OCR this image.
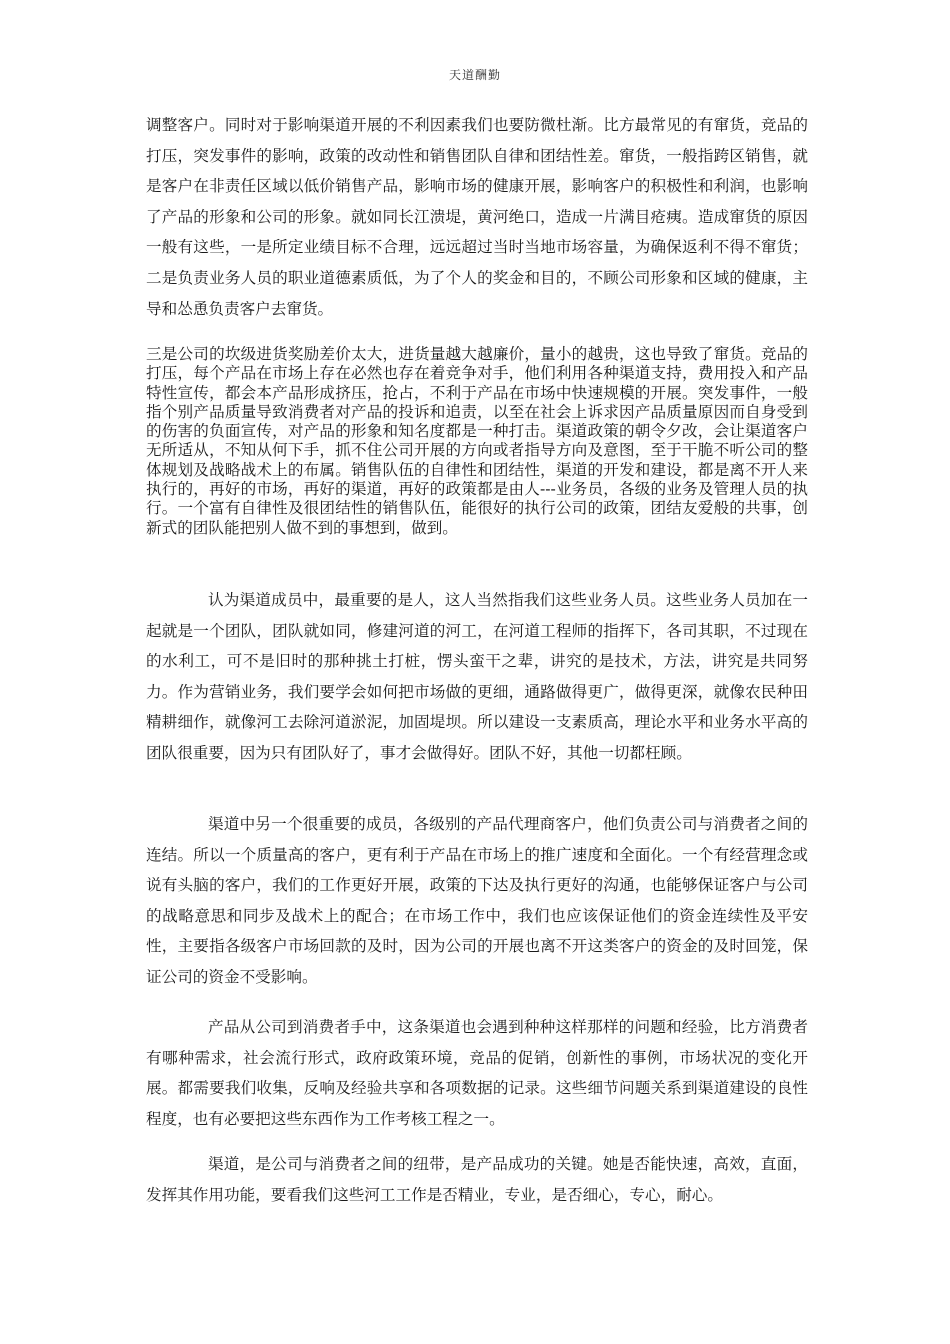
天道酬勤

调整客户。同时对于影响渠道开展的不利因素我们也要防微杜渐。比方最常见的有窜货，竞品的打压，突发事件的影响，政策的改动性和销售团队自律和团结性差。窜货，一般指跨区销售，就是客户在非责任区域以低价销售产品，影响市场的健康开展，影响客户的积极性和利润，也影响了产品的形象和公司的形象。就如同长江溃堤，黄河绝口，造成一片满目疮痍。造成窜货的原因一般有这些，一是所定业绩目标不合理，远远超过当时当地市场容量，为确保返利不得不窜货；二是负责业务人员的职业道德素质低，为了个人的奖金和目的，不顾公司形象和区域的健康，主导和怂恿负责客户去窜货。

三是公司的坎级进货奖励差价太大，进货量越大越廉价，量小的越贵，这也导致了窜货。竞品的打压，每个产品在市场上存在必然也存在着竞争对手，他们利用各种渠道支持，费用投入和产品特性宣传，都会本产品形成挤压，抢占，不利于产品在市场中快速规模的开展。突发事件，一般指个别产品质量导致消费者对产品的投诉和追责，以至在社会上诉求因产品质量原因而自身受到的伤害的负面宣传，对产品的形象和知名度都是一种打击。渠道政策的朝令夕改，会让渠道客户无所适从，不知从何下手，抓不住公司开展的方向或者指导方向及意图，至于干脆不听公司的整体规划及战略战术上的布属。销售队伍的自律性和团结性，渠道的开发和建设，都是离不开人来执行的，再好的市场，再好的渠道，再好的政策都是由人---业务员，各级的业务及管理人员的执行。一个富有自律性及很团结性的销售队伍，能很好的执行公司的政策，团结友爱般的共事，创新式的团队能把别人做不到的事想到，做到。

认为渠道成员中，最重要的是人，这人当然指我们这些业务人员。这些业务人员加在一起就是一个团队，团队就如同，修建河道的河工，在河道工程师的指挥下，各司其职，不过现在的水利工，可不是旧时的那种挑土打桩，愣头蛮干之辈，讲究的是技术，方法，讲究是共同努力。作为营销业务，我们要学会如何把市场做的更细，通路做得更广，做得更深，就像农民种田精耕细作，就像河工去除河道淤泥，加固堤坝。所以建设一支素质高，理论水平和业务水平高的团队很重要，因为只有团队好了，事才会做得好。团队不好，其他一切都枉顾。

渠道中另一个很重要的成员，各级别的产品代理商客户，他们负责公司与消费者之间的连结。所以一个质量高的客户，更有利于产品在市场上的推广速度和全面化。一个有经营理念或说有头脑的客户，我们的工作更好开展，政策的下达及执行更好的沟通，也能够保证客户与公司的战略意思和同步及战术上的配合；在市场工作中，我们也应该保证他们的资金连续性及平安性，主要指各级客户市场回款的及时，因为公司的开展也离不开这类客户的资金的及时回笼，保证公司的资金不受影响。

产品从公司到消费者手中，这条渠道也会遇到种种这样那样的问题和经验，比方消费者有哪种需求，社会流行形式，政府政策环境，竞品的促销，创新性的事例，市场状况的变化开展。都需要我们收集，反响及经验共享和各项数据的记录。这些细节问题关系到渠道建设的良性程度，也有必要把这些东西作为工作考核工程之一。

渠道，是公司与消费者之间的纽带，是产品成功的关键。她是否能快速，高效，直面，发挥其作用功能，要看我们这些河工工作是否精业，专业，是否细心，专心，耐心。
